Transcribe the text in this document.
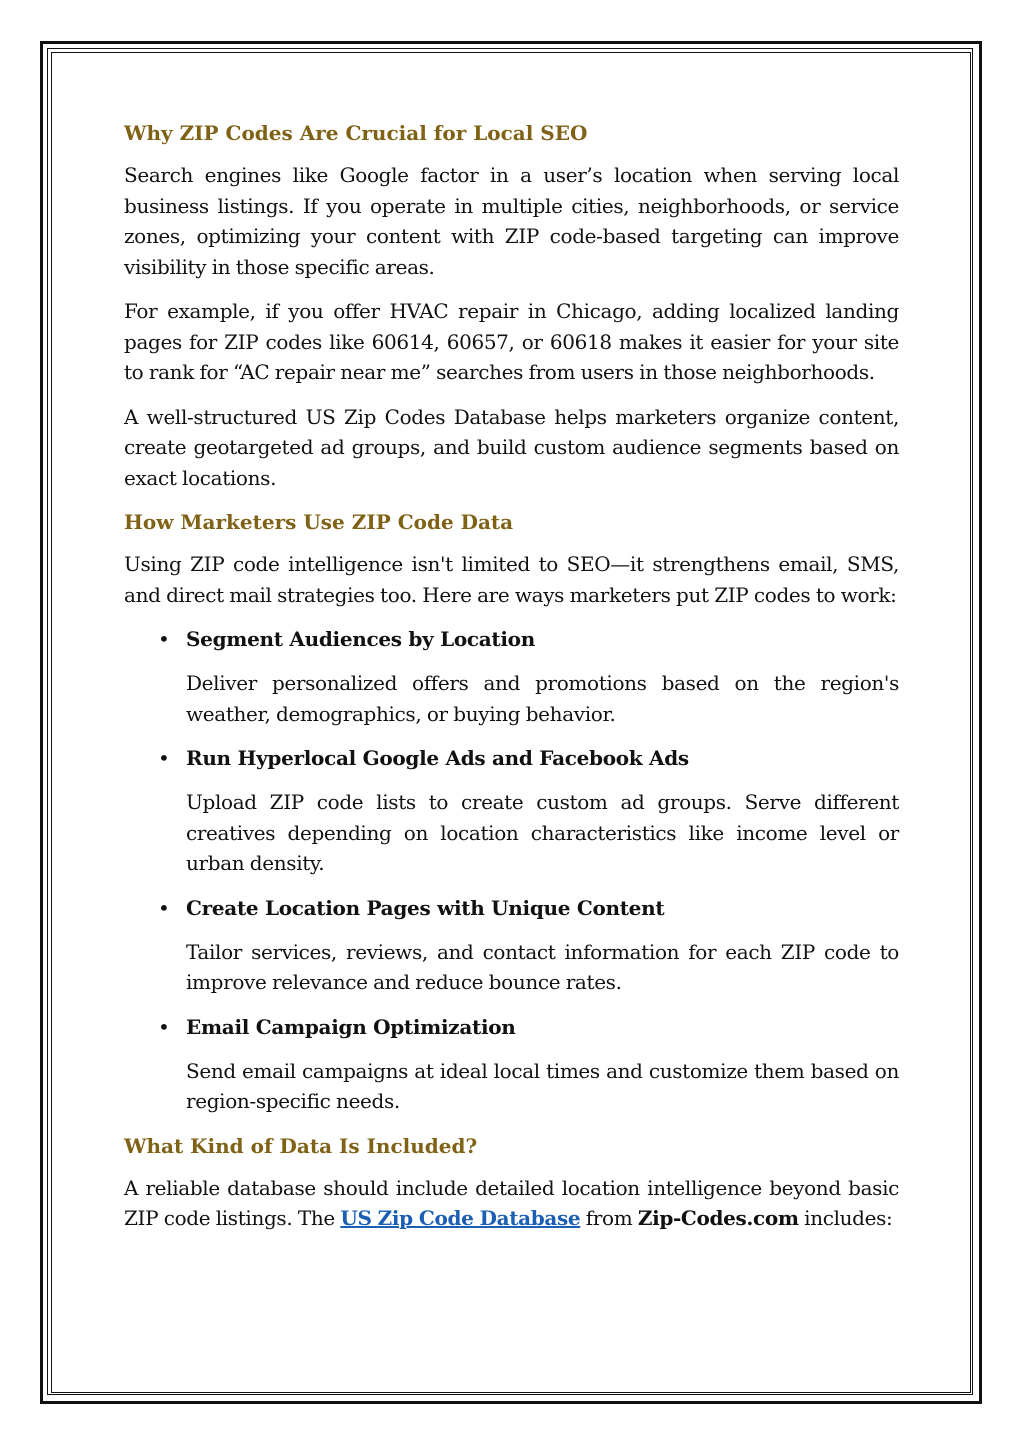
Why ZIP Codes Are Crucial for Local SEO

Search engines like Google factor in a user’s location when serving local business listings. If you operate in multiple cities, neighborhoods, or service zones, optimizing your content with ZIP code-based targeting can improve visibility in those specific areas.

For example, if you offer HVAC repair in Chicago, adding localized landing pages for ZIP codes like 60614, 60657, or 60618 makes it easier for your site to rank for “AC repair near me” searches from users in those neighborhoods.

A well-structured US Zip Codes Database helps marketers organize content, create geotargeted ad groups, and build custom audience segments based on exact locations.

How Marketers Use ZIP Code Data

Using ZIP code intelligence isn't limited to SEO—it strengthens email, SMS, and direct mail strategies too. Here are ways marketers put ZIP codes to work:

• Segment Audiences by Location

Deliver personalized offers and promotions based on the region's weather, demographics, or buying behavior.

• Run Hyperlocal Google Ads and Facebook Ads

Upload ZIP code lists to create custom ad groups. Serve different creatives depending on location characteristics like income level or urban density.

• Create Location Pages with Unique Content

Tailor services, reviews, and contact information for each ZIP code to improve relevance and reduce bounce rates.

• Email Campaign Optimization

Send email campaigns at ideal local times and customize them based on region-specific needs.

What Kind of Data Is Included?

A reliable database should include detailed location intelligence beyond basic ZIP code listings. The US Zip Code Database from Zip-Codes.com includes:
